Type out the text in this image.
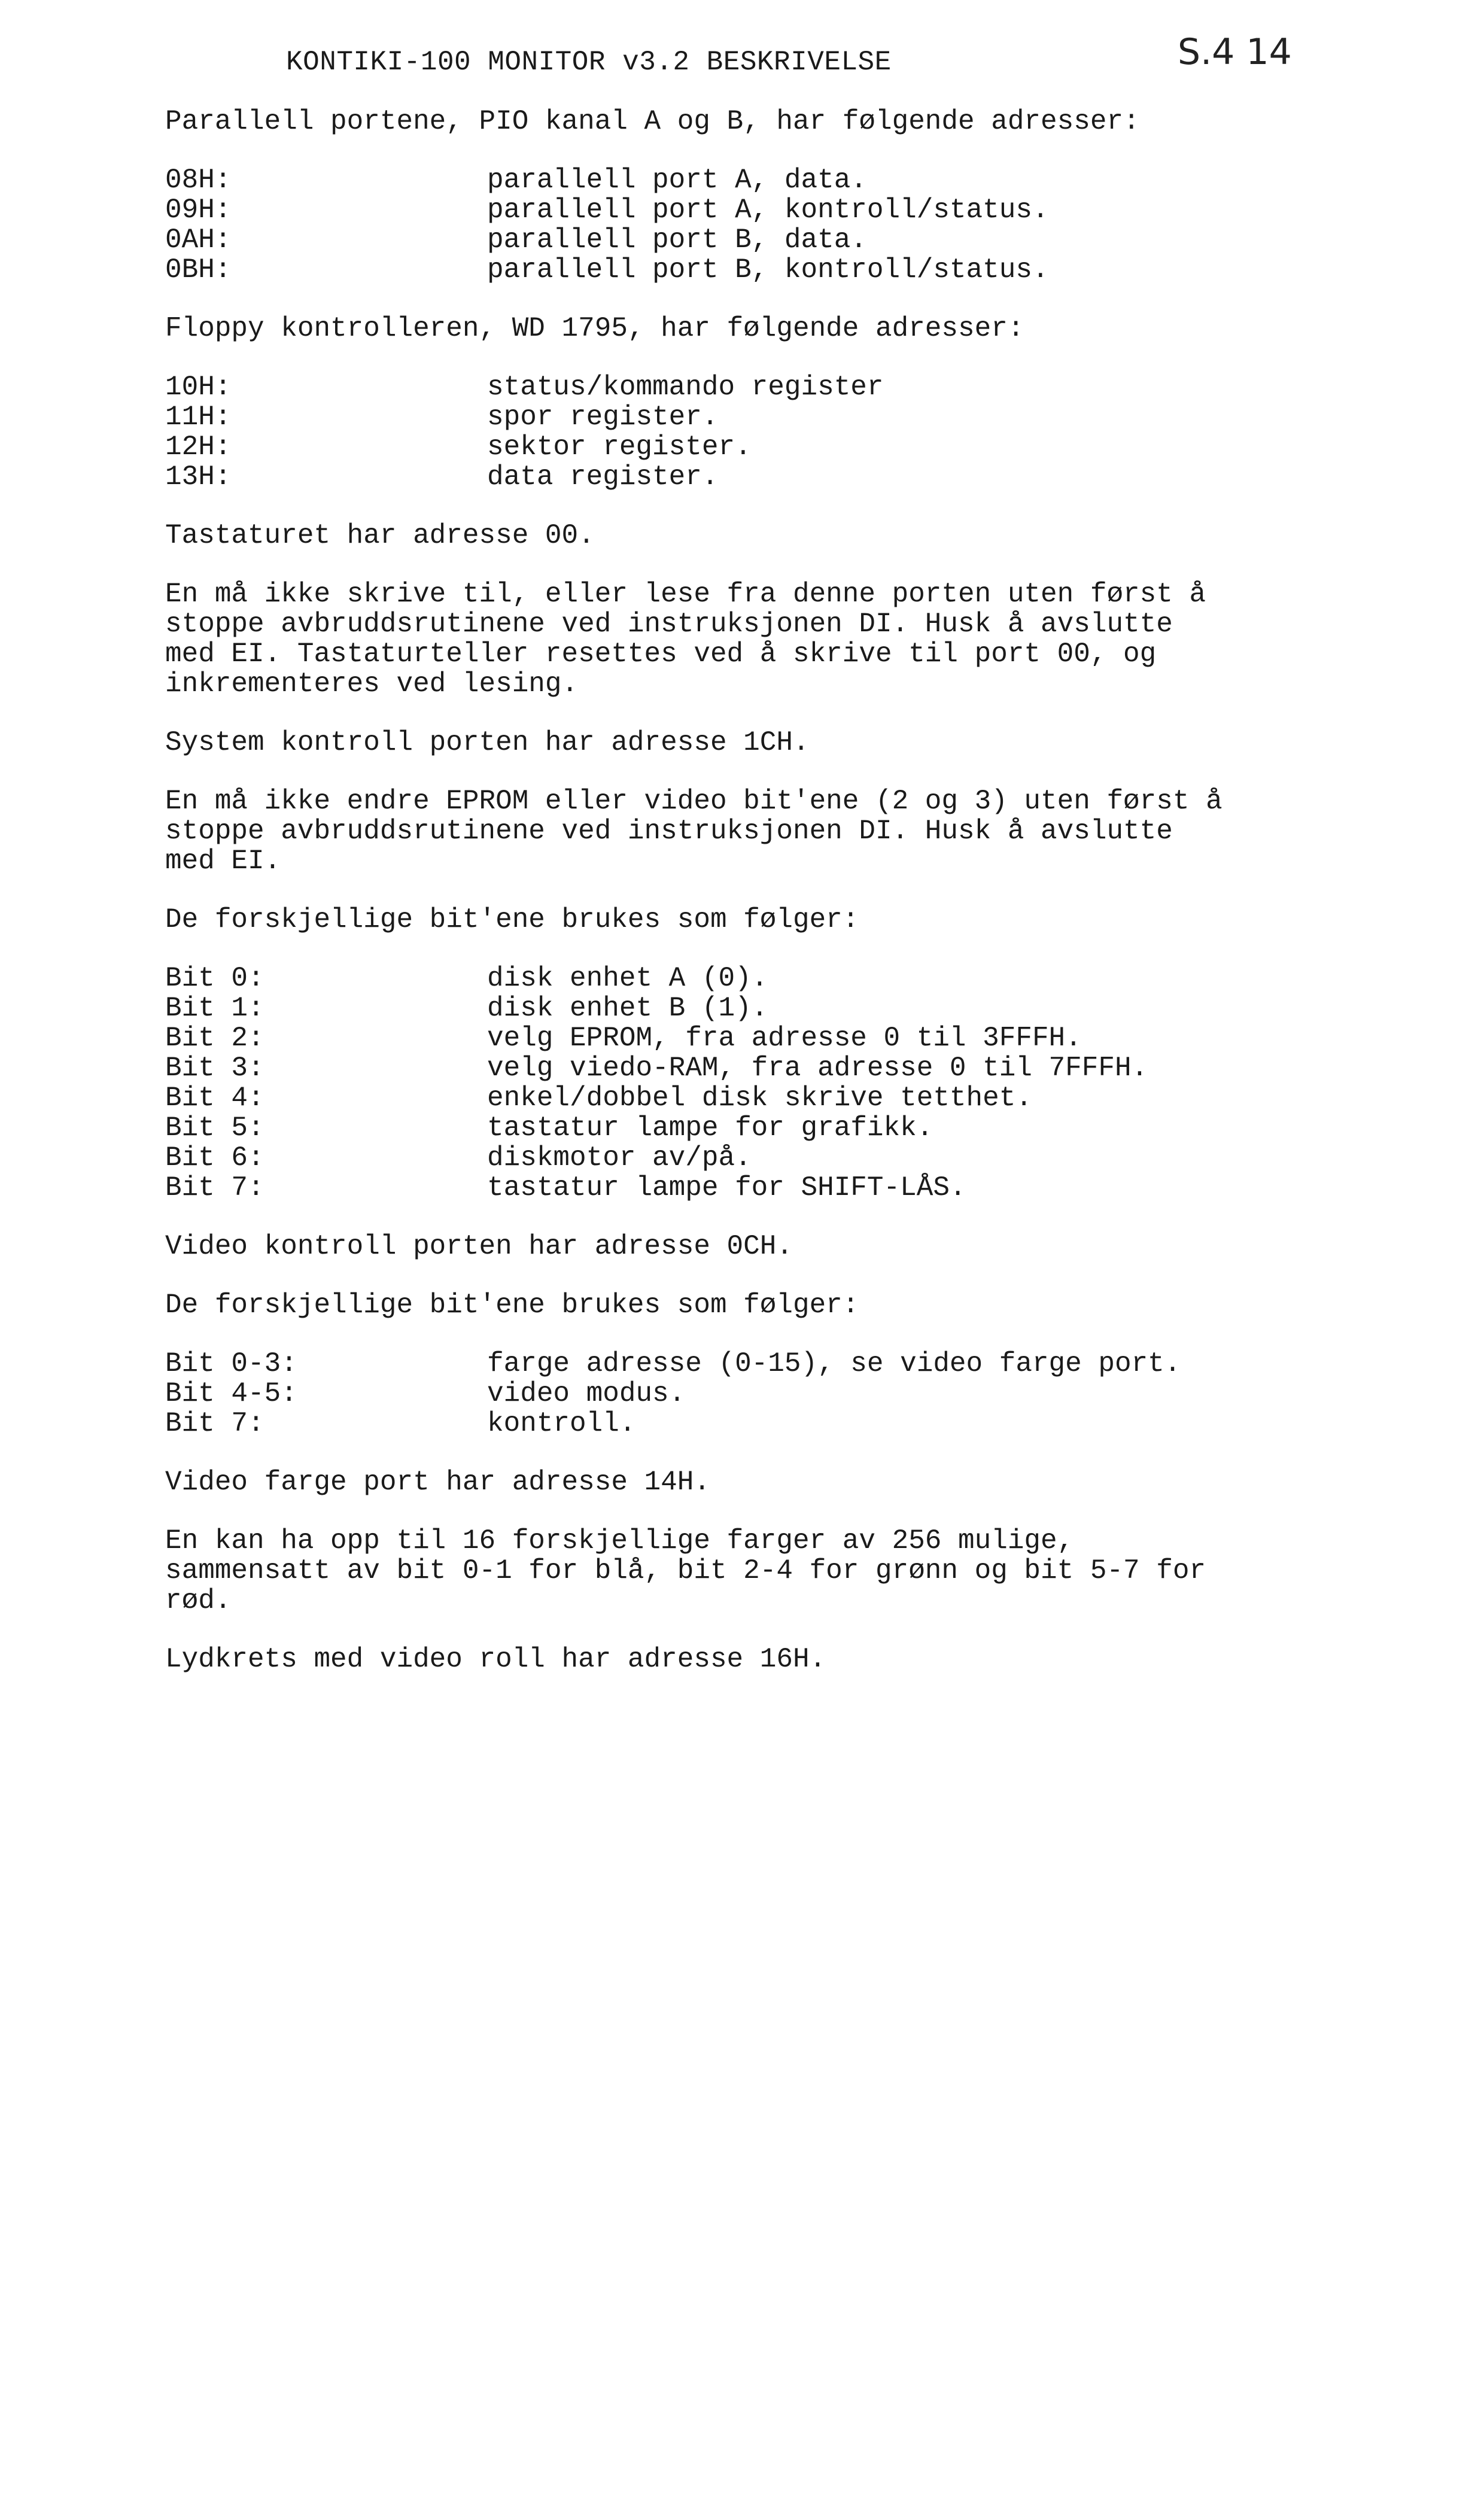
KONTIKI-100 MONITOR v3.2 BESKRIVELSE	S.4 14

Parallell portene, PIO kanal A og B, har følgende adresser:

08H:	parallell port A, data.
09H:	parallell port A, kontroll/status.
0AH:	parallell port B, data.
0BH:	parallell port B, kontroll/status.

Floppy kontrolleren, WD 1795, har følgende adresser:

10H:	status/kommando register
11H:	spor register.
12H:	sektor register.
13H:	data register.

Tastaturet har adresse 00.

En må ikke skrive til, eller lese fra denne porten uten først å
stoppe avbruddsrutinene ved instruksjonen DI. Husk å avslutte
med EI. Tastaturteller resettes ved å skrive til port 00, og
inkrementeres ved lesing.

System kontroll porten har adresse 1CH.

En må ikke endre EPROM eller video bit'ene (2 og 3) uten først å
stoppe avbruddsrutinene ved instruksjonen DI. Husk å avslutte
med EI.

De forskjellige bit'ene brukes som følger:

Bit 0:	disk enhet A (0).
Bit 1:	disk enhet B (1).
Bit 2:	velg EPROM, fra adresse 0 til 3FFFH.
Bit 3:	velg viedo-RAM, fra adresse 0 til 7FFFH.
Bit 4:	enkel/dobbel disk skrive tetthet.
Bit 5:	tastatur lampe for grafikk.
Bit 6:	diskmotor av/på.
Bit 7:	tastatur lampe for SHIFT-LÅS.

Video kontroll porten har adresse 0CH.

De forskjellige bit'ene brukes som følger:

Bit 0-3:	farge adresse (0-15), se video farge port.
Bit 4-5:	video modus.
Bit 7:	kontroll.

Video farge port har adresse 14H.

En kan ha opp til 16 forskjellige farger av 256 mulige,
sammensatt av bit 0-1 for blå, bit 2-4 for grønn og bit 5-7 for
rød.

Lydkrets med video roll har adresse 16H.
